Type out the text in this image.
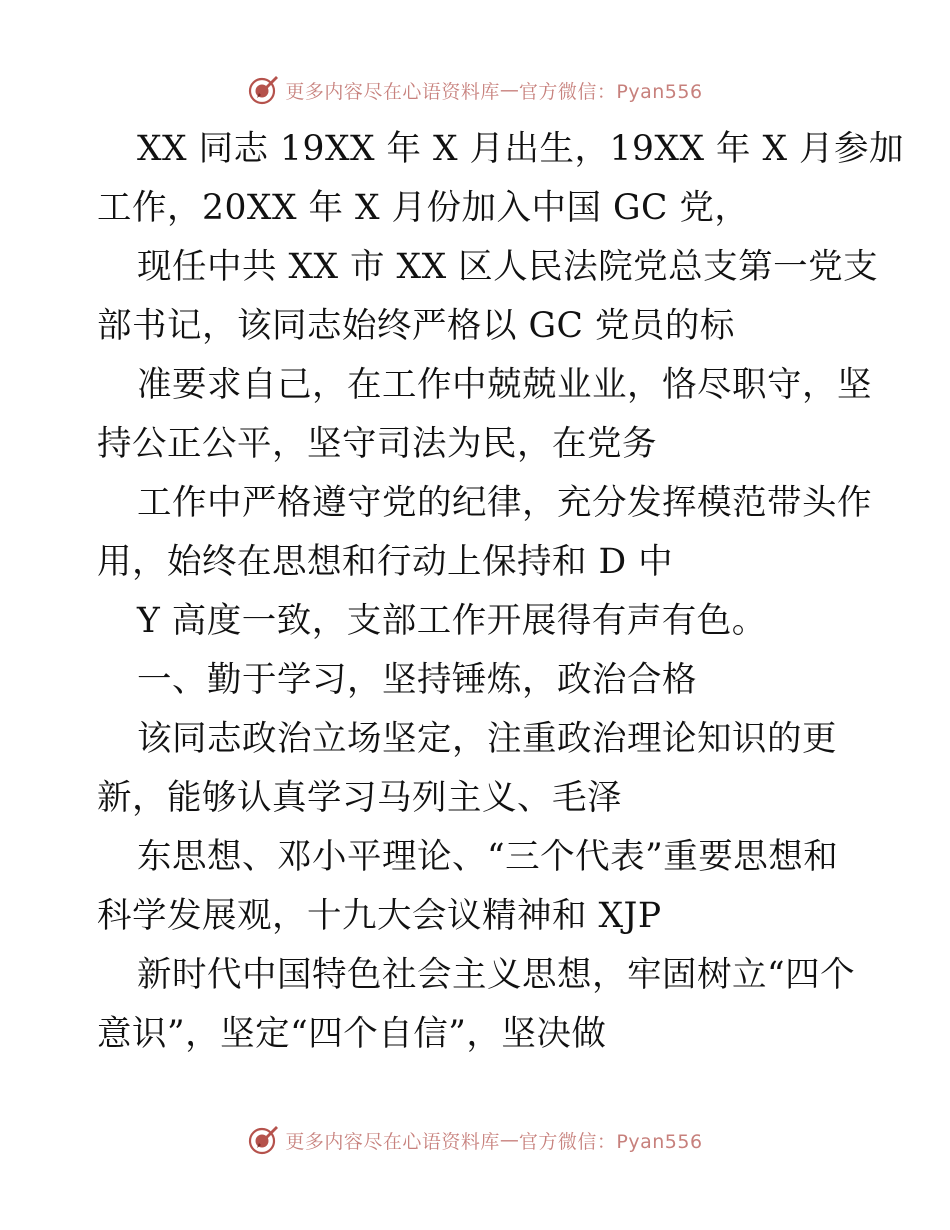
更多内容尽在心语资料库 — 官方微信：Pyan556
XX 同志 19XX 年 X 月出生，19XX 年 X 月参加
工作，20XX 年 X 月份加入中国 GC 党，
现任中共 XX 市 XX 区人民法院党总支第一党支
部书记，该同志始终严格以 GC 党员的标
准要求自己，在工作中兢兢业业，恪尽职守，坚
持公正公平，坚守司法为民，在党务
工作中严格遵守党的纪律，充分发挥模范带头作
用，始终在思想和行动上保持和 D 中
Y 高度一致，支部工作开展得有声有色。
一、勤于学习，坚持锤炼，政治合格
该同志政治立场坚定，注重政治理论知识的更
新，能够认真学习马列主义、毛泽
东思想、邓小平理论、“三个代表”重要思想和
科学发展观，十九大会议精神和 XJP
新时代中国特色社会主义思想，牢固树立“四个
意识”，坚定“四个自信”，坚决做
更多内容尽在心语资料库 — 官方微信：Pyan556
